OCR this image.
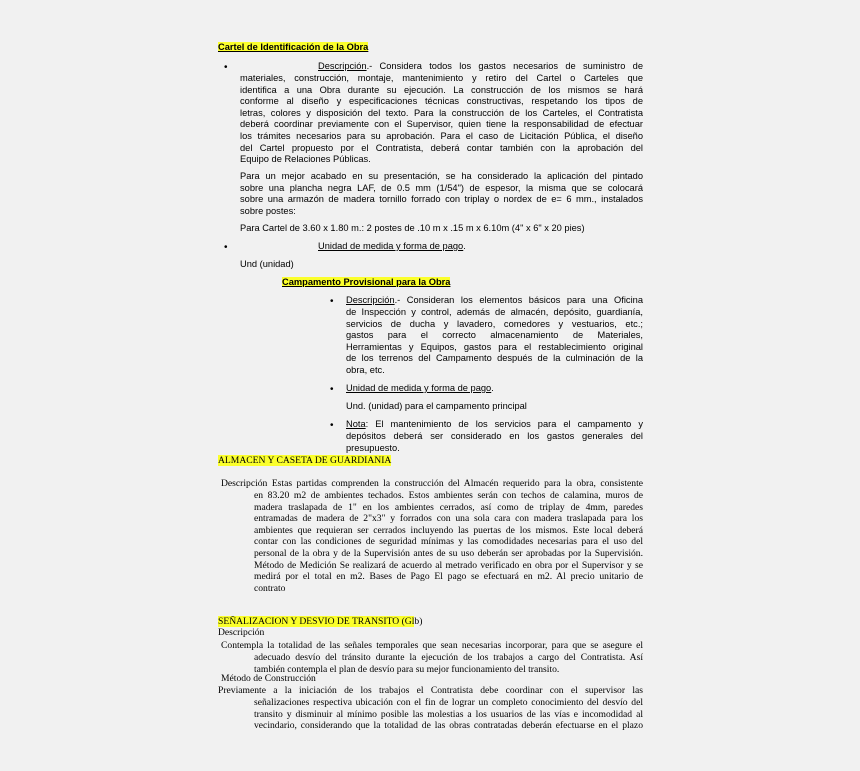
Cartel de Identificación de la Obra
•	Descripción.- Considera todos los gastos necesarios de suministro de
materiales, construcción, montaje, mantenimiento y retiro del Cartel o Carteles que
identifica a una Obra durante su ejecución. La construcción de los mismos se hará
conforme al diseño y especificaciones técnicas constructivas, respetando los tipos de
letras, colores y disposición del texto. Para la construcción de los Carteles, el Contratista
deberá coordinar previamente con el Supervisor, quien tiene la responsabilidad de efectuar
los trámites necesarios para su aprobación. Para el caso de Licitación Pública, el diseño
del Cartel propuesto por el Contratista, deberá contar también con la aprobación del
Equipo de Relaciones Públicas.
Para un mejor acabado en su presentación, se ha considerado la aplicación del pintado
sobre una plancha negra LAF, de 0.5 mm (1/54") de espesor, la misma que se colocará
sobre una armazón de madera tornillo forrado con triplay o nordex de e= 6 mm., instalados
sobre postes:
Para Cartel de 3.60 x 1.80 m.: 2 postes de .10 m x .15 m x 6.10m (4" x 6" x 20 pies)
•	Unidad de medida y forma de pago.
Und (unidad)
Campamento Provisional para la Obra
• Descripción.- Consideran los elementos básicos para una Oficina
de Inspección y control, además de almacén, depósito, guardianía,
servicios de ducha y lavadero, comedores y vestuarios, etc.;
gastos para el correcto almacenamiento de Materiales,
Herramientas y Equipos, gastos para el restablecimiento original
de los terrenos del Campamento después de la culminación de la
obra, etc.
• Unidad de medida y forma de pago.
Und. (unidad) para el campamento principal
• Nota: El mantenimiento de los servicios para el campamento y
depósitos deberá ser considerado en los gastos generales del
presupuesto.
ALMACEN Y CASETA DE GUARDIANIA
Descripción Estas partidas comprenden la construcción del Almacén requerido para la obra, consistente
en 83.20 m2 de ambientes techados. Estos ambientes serán con techos de calamina, muros de
madera traslapada de 1" en los ambientes cerrados, así como de triplay de 4mm, paredes
entramadas de madera de 2"x3" y forrados con una sola cara con madera traslapada para los
ambientes que requieran ser cerrados incluyendo las puertas de los mismos. Este local deberá
contar con las condiciones de seguridad mínimas y las comodidades necesarias para el uso del
personal de la obra y de la Supervisión antes de su uso deberán ser aprobadas por la Supervisión.
Método de Medición Se realizará de acuerdo al metrado verificado en obra por el Supervisor y se
medirá por el total en m2. Bases de Pago El pago se efectuará en m2. Al precio unitario de
contrato
SEÑALIZACION Y DESVIO DE TRANSITO (Glb)
Descripción
Contempla la totalidad de las señales temporales que sean necesarias incorporar, para que se asegure el
adecuado desvío del tránsito durante la ejecución de los trabajos a cargo del Contratista. Así
también contempla el plan de desvío para su mejor funcionamiento del transito.
Método de Construcción
Previamente a la iniciación de los trabajos el Contratista debe coordinar con el supervisor las
señalizaciones respectiva ubicación con el fin de lograr un completo conocimiento del desvío del
transito y disminuir al mínimo posible las molestias a los usuarios de las vías e incomodidad al
vecindario, considerando que la totalidad de las obras contratadas deberán efectuarse en el plazo
